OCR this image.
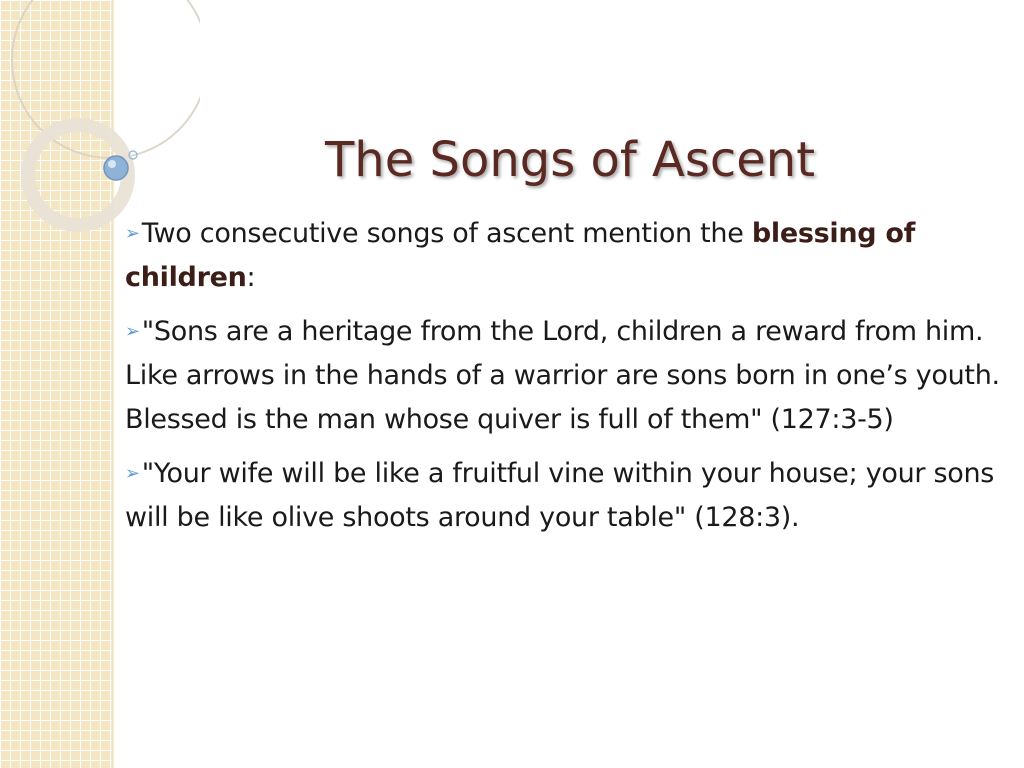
The Songs of Ascent
➢Two consecutive songs of ascent mention the blessing of children:
➢"Sons are a heritage from the Lord, children a reward from him. Like arrows in the hands of a warrior are sons born in one’s youth. Blessed is the man whose quiver is full of them" (127:3-5)
➢"Your wife will be like a fruitful vine within your house; your sons will be like olive shoots around your table" (128:3).
